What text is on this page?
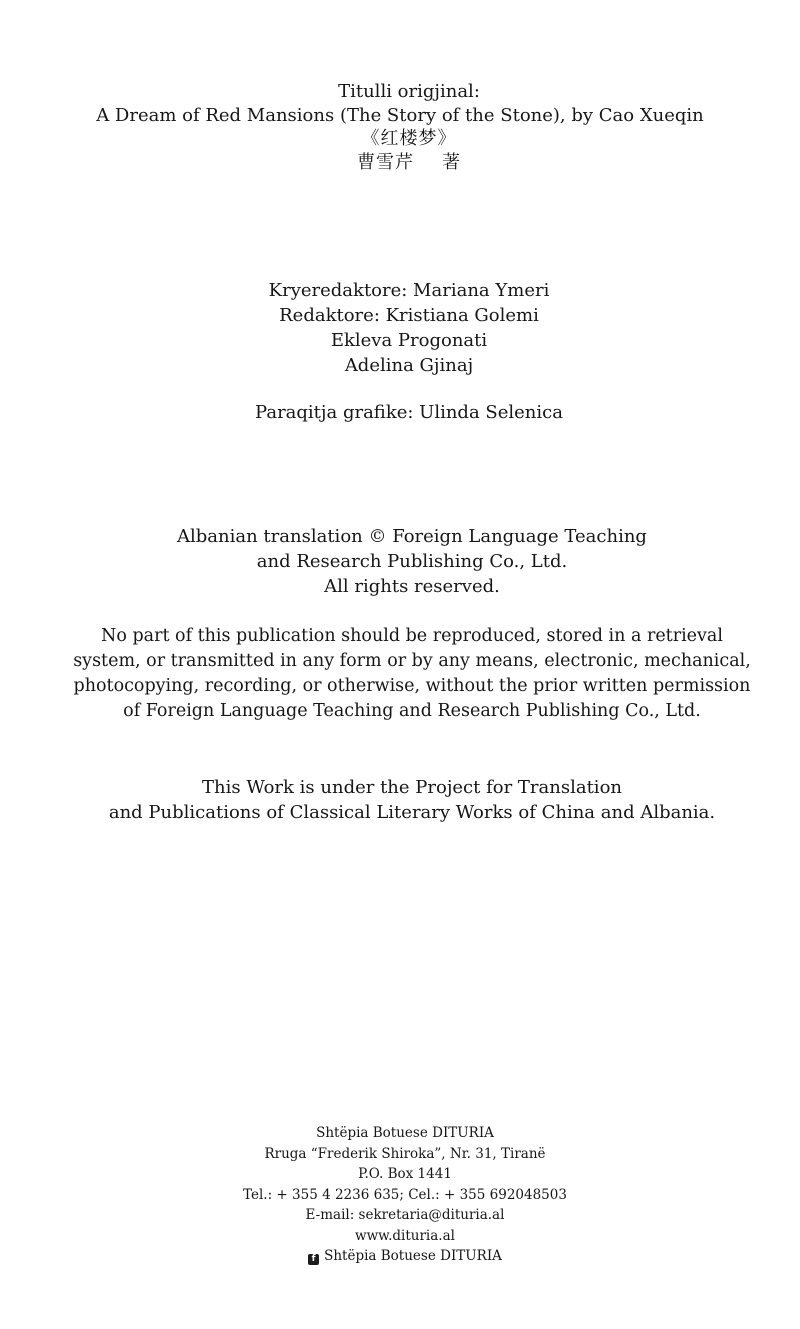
Titulli origjinal:
A Dream of Red Mansions (The Story of the Stone), by Cao Xueqin
《红楼梦》
曹雪芹 著
Kryeredaktore: Mariana Ymeri
Redaktore: Kristiana Golemi
Ekleva Progonati
Adelina Gjinaj
Paraqitja grafike: Ulinda Selenica
Albanian translation © Foreign Language Teaching
and Research Publishing Co., Ltd.
All rights reserved.
No part of this publication should be reproduced, stored in a retrieval
system, or transmitted in any form or by any means, electronic, mechanical,
photocopying, recording, or otherwise, without the prior written permission
of Foreign Language Teaching and Research Publishing Co., Ltd.
This Work is under the Project for Translation
and Publications of Classical Literary Works of China and Albania.
Shtëpia Botuese DITURIA
Rruga “Frederik Shiroka”, Nr. 31, Tiranë
P.O. Box 1441
Tel.: + 355 4 2236 635; Cel.: + 355 692048503
E-mail: sekretaria@dituria.al
www.dituria.al
f Shtëpia Botuese DITURIA
